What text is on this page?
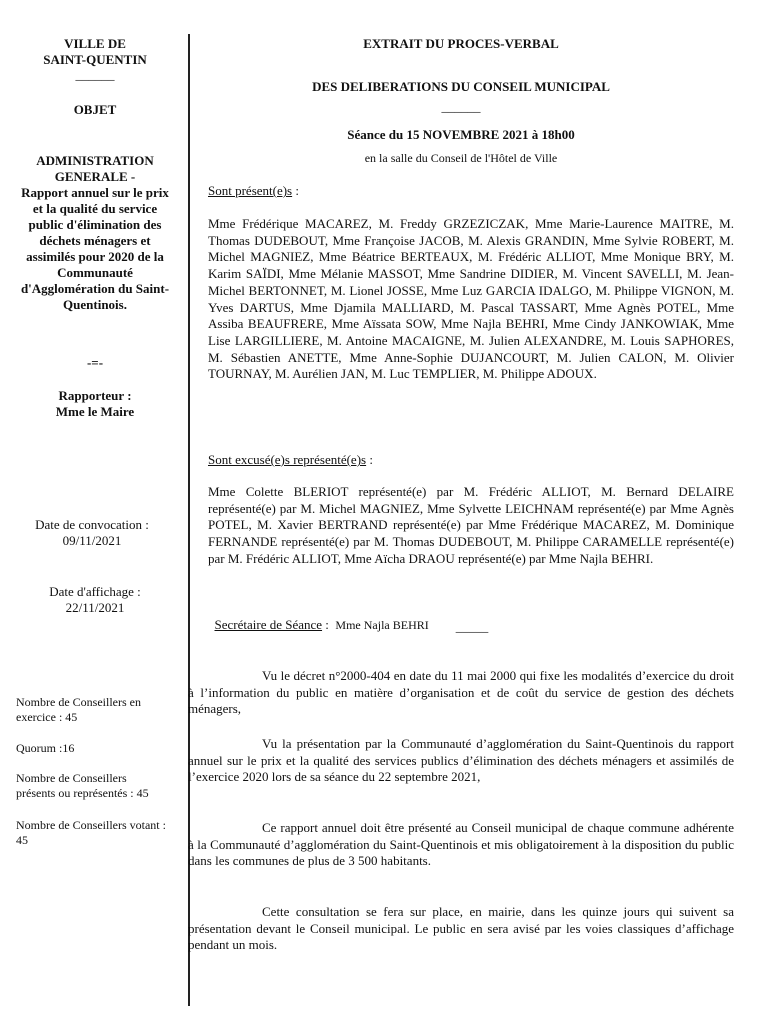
VILLE DE
SAINT-QUENTIN
______
OBJET
ADMINISTRATION GENERALE -
Rapport annuel sur le prix et la qualité du service public d'élimination des déchets ménagers et assimilés pour 2020 de la Communauté d'Agglomération du Saint-Quentinois.
-=-
Rapporteur :
Mme le Maire
Date de convocation :
09/11/2021
Date d'affichage :
22/11/2021
Nombre de Conseillers en exercice : 45
Quorum :16
Nombre de Conseillers présents ou représentés : 45
Nombre de Conseillers votant : 45
EXTRAIT DU PROCES-VERBAL
DES DELIBERATIONS DU CONSEIL MUNICIPAL
______
Séance du 15 NOVEMBRE 2021 à 18h00
en la salle du Conseil de l'Hôtel de Ville
Sont présent(e)s :
Mme Frédérique MACAREZ, M. Freddy GRZEZICZAK, Mme Marie-Laurence MAITRE, M. Thomas DUDEBOUT, Mme Françoise JACOB, M. Alexis GRANDIN, Mme Sylvie ROBERT, M. Michel MAGNIEZ, Mme Béatrice BERTEAUX, M. Frédéric ALLIOT, Mme Monique BRY, M. Karim SAÏDI, Mme Mélanie MASSOT, Mme Sandrine DIDIER, M. Vincent SAVELLI, M. Jean-Michel BERTONNET, M. Lionel JOSSE, Mme Luz GARCIA IDALGO, M. Philippe VIGNON, M. Yves DARTUS, Mme Djamila MALLIARD, M. Pascal TASSART, Mme Agnès POTEL, Mme Assiba BEAUFRERE, Mme Aïssata SOW, Mme Najla BEHRI, Mme Cindy JANKOWIAK, Mme Lise LARGILLIERE, M. Antoine MACAIGNE, M. Julien ALEXANDRE, M. Louis SAPHORES, M. Sébastien ANETTE, Mme Anne-Sophie DUJANCOURT, M. Julien CALON, M. Olivier TOURNAY, M. Aurélien JAN, M. Luc TEMPLIER, M. Philippe ADOUX.
Sont excusé(e)s représenté(e)s :
Mme Colette BLERIOT représenté(e) par M. Frédéric ALLIOT, M. Bernard DELAIRE représenté(e) par M. Michel MAGNIEZ, Mme Sylvette LEICHNAM représenté(e) par Mme Agnès POTEL, M. Xavier BERTRAND représenté(e) par Mme Frédérique MACAREZ, M. Dominique FERNANDE représenté(e) par M. Thomas DUDEBOUT, M. Philippe CARAMELLE représenté(e) par M. Frédéric ALLIOT, Mme Aïcha DRAOU représenté(e) par Mme Najla BEHRI.

Secrétaire de Séance :  Mme Najla BEHRI	_____
Vu le décret n°2000-404 en date du 11 mai 2000 qui fixe les modalités d’exercice du droit à l’information du public en matière d’organisation et de coût du service de gestion des déchets ménagers,
Vu la présentation par la Communauté d’agglomération du Saint-Quentinois du rapport annuel sur le prix et la qualité des services publics d’élimination des déchets ménagers et assimilés de l’exercice 2020 lors de sa séance du 22 septembre 2021,
Ce rapport annuel doit être présenté au Conseil municipal de chaque commune adhérente à la Communauté d’agglomération du Saint-Quentinois et mis obligatoirement à la disposition du public dans les communes de plus de 3 500 habitants.
Cette consultation se fera sur place, en mairie, dans les quinze jours qui suivent sa présentation devant le Conseil municipal. Le public en sera avisé par les voies classiques d’affichage pendant un mois.
